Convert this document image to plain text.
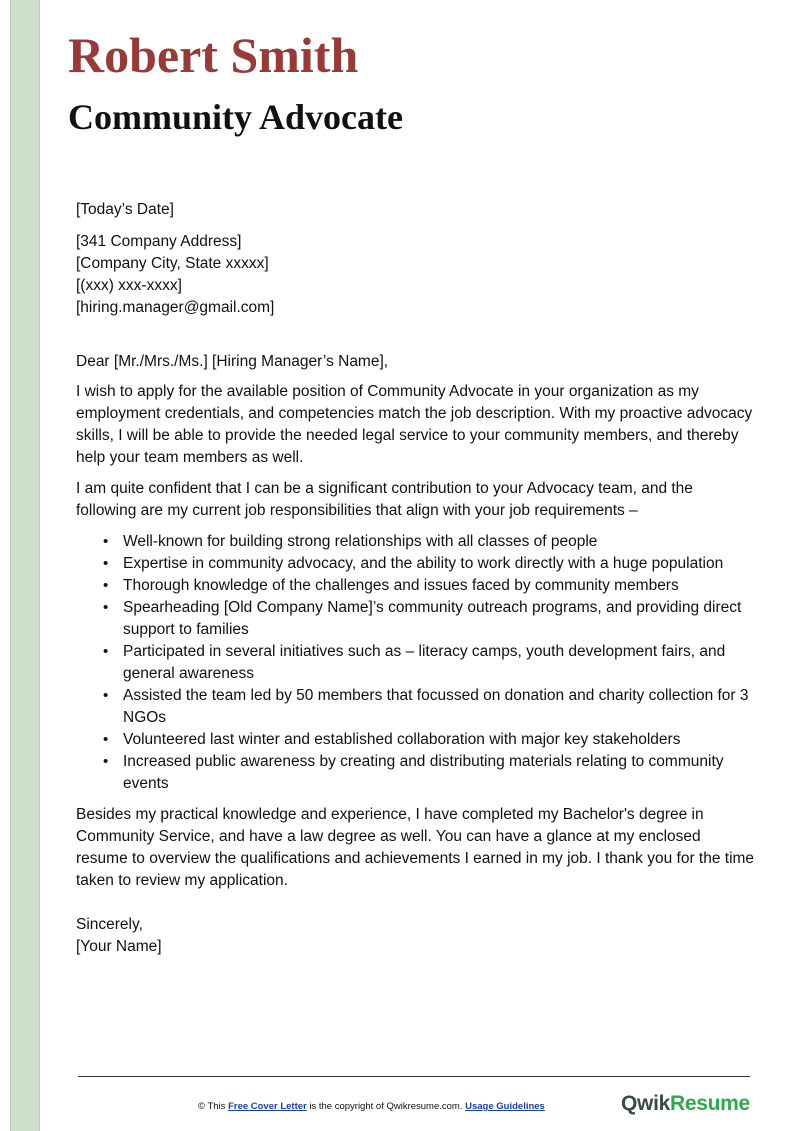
Robert Smith
Community Advocate

[Today’s Date]

[341 Company Address]

[Company City, State xxxxx]

[(xxx) xxx-xxxx]

[hiring.manager@gmail.com]

Dear [Mr./Mrs./Ms.] [Hiring Manager’s Name],

I wish to apply for the available position of Community Advocate in your organization as my employment credentials, and competencies match the job description. With my proactive advocacy skills, I will be able to provide the needed legal service to your community members, and thereby help your team members as well.

I am quite confident that I can be a significant contribution to your Advocacy team, and the following are my current job responsibilities that align with your job requirements –

• Well-known for building strong relationships with all classes of people
• Expertise in community advocacy, and the ability to work directly with a huge population
• Thorough knowledge of the challenges and issues faced by community members
• Spearheading [Old Company Name]’s community outreach programs, and providing direct support to families
• Participated in several initiatives such as – literacy camps, youth development fairs, and general awareness
• Assisted the team led by 50 members that focussed on donation and charity collection for 3 NGOs
• Volunteered last winter and established collaboration with major key stakeholders
• Increased public awareness by creating and distributing materials relating to community events

Besides my practical knowledge and experience, I have completed my Bachelor's degree in Community Service, and have a law degree as well. You can have a glance at my enclosed resume to overview the qualifications and achievements I earned in my job. I thank you for the time taken to review my application.

Sincerely,

[Your Name]

© This Free Cover Letter is the copyright of Qwikresume.com. Usage Guidelines	QwikResume
